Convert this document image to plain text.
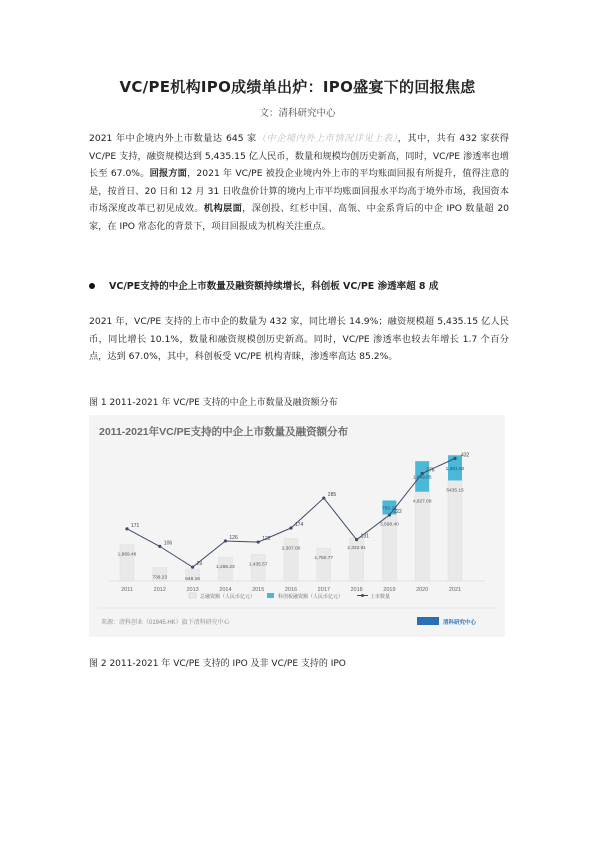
VC/PE机构IPO成绩单出炉：IPO盛宴下的回报焦虑
文：清科研究中心
2021 年中企境内外上市数量达 645 家（中企境内外上市情况详见上表），其中，共有 432 家获得 VC/PE 支持，融资规模达到 5,435.15 亿人民币，数量和规模均创历史新高，同时，VC/PE 渗透率也增长至 67.0%。回报方面，2021 年 VC/PE 被投企业境内外上市的平均账面回报有所提升，值得注意的是，按首日、20 日和 12 月 31 日收盘价计算的境内上市平均账面回报水平均高于境外市场，我国资本市场深度改革已初见成效。机构层面，深创投、红杉中国、高瓴、中金系背后的中企 IPO 数量超 20 家，在 IPO 常态化的背景下，项目回报成为机构关注重点。
VC/PE支持的中企上市数量及融资额持续增长，科创板 VC/PE 渗透率超 8 成
2021 年，VC/PE 支持的上市中企的数量为 432 家，同比增长 14.9%；融资规模超 5,435.15 亿人民币，同比增长 10.1%，数量和融资规模创历史新高。同时，VC/PE 渗透率也较去年增长 1.7 个百分点，达到 67.0%，其中，科创板受 VC/PE 机构青睐，渗透率高达 85.2%。
图 1 2011-2021 年 VC/PE 支持的中企上市数量及融资额分布
2011-2021年VC/PE支持的中企上市数量及融资额分布
1,969.48
739.23	648.16
1,286.23
1,435.57
2,307.00
1,782.77
2,332.91
756.21
3,598.40
1,649.65
4,827.08
1,361.92
5435.15
171
106
29
126	122
174
285
131
222
376
432
2011	2012	2013	2014	2015	2016	2017	2018	2019	2020	2021
总融资额（人民币亿元）	科创板融资额（人民币亿元）	上市数量
来源：清科创业（01945.HK）旗下清科研究中心	清科研究中心
图 2 2011-2021 年 VC/PE 支持的 IPO 及非 VC/PE 支持的 IPO
